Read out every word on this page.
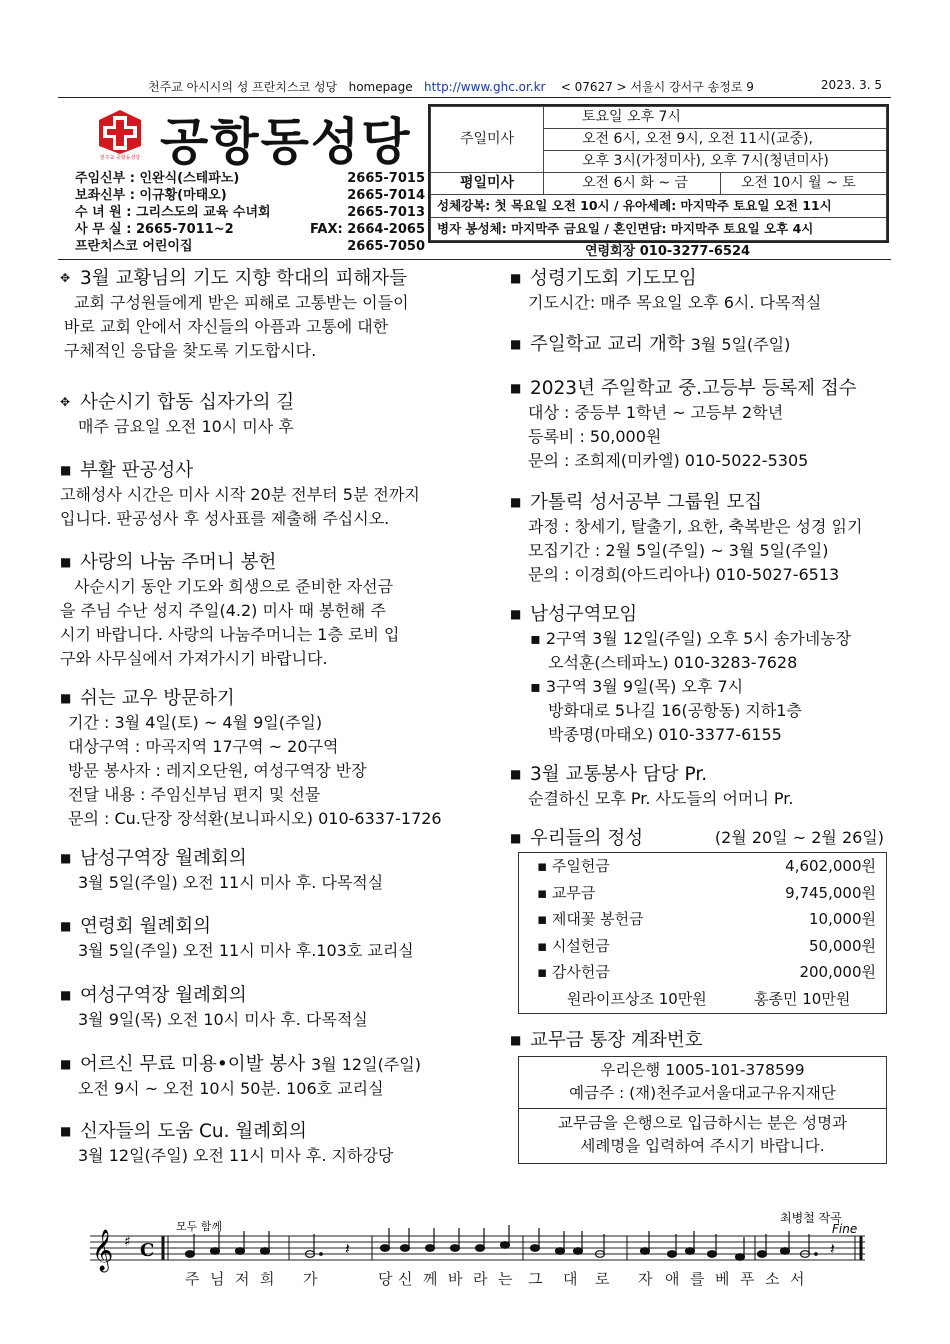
천주교 아시시의 성 프란치스코 성당 homepage http://www.ghc.or.kr < 07627 > 서울시 강서구 송정로 9	2023. 3. 5
천주교 공항동성당 공항동성당
주임신부 : 인완식(스테파노)	2665-7015
보좌신부 : 이규황(마태오)	2665-7014
수 녀 원 : 그리스도의 교육 수녀회	2665-7013
사 무 실 : 2665-7011~2	FAX: 2664-2065
프란치스코 어린이집	2665-7050
주일미사	토요일 오후 7시	
	오전 6시, 오전 9시, 오전 11시(교중),	
	오후 3시(가정미사), 오후 7시(청년미사)	
평일미사	오전 6시 화 ~ 금	오전 10시 월 ~ 토
성체강복: 첫 목요일 오전 10시 / 유아세례: 마지막주 토요일 오전 11시		
병자 봉성체: 마지막주 금요일 / 혼인면담: 마지막주 토요일 오후 4시		
연령회장 010-3277-6524
✥ 3월 교황님의 기도 지향 학대의 피해자들
교회 구성원들에게 받은 피해로 고통받는 이들이
바로 교회 안에서 자신들의 아픔과 고통에 대한
구체적인 응답을 찾도록 기도합시다.
✥ 사순시기 합동 십자가의 길
매주 금요일 오전 10시 미사 후
■ 부활 판공성사
고해성사 시간은 미사 시작 20분 전부터 5분 전까지
입니다. 판공성사 후 성사표를 제출해 주십시오.
■ 사랑의 나눔 주머니 봉헌
사순시기 동안 기도와 희생으로 준비한 자선금
을 주님 수난 성지 주일(4.2) 미사 때 봉헌해 주
시기 바랍니다. 사랑의 나눔주머니는 1층 로비 입
구와 사무실에서 가져가시기 바랍니다.
■ 쉬는 교우 방문하기
기간 : 3월 4일(토) ~ 4월 9일(주일)
대상구역 : 마곡지역 17구역 ~ 20구역
방문 봉사자 : 레지오단원, 여성구역장 반장
전달 내용 : 주임신부님 편지 및 선물
문의 : Cu.단장 장석환(보니파시오) 010-6337-1726
■ 남성구역장 월례회의
3월 5일(주일) 오전 11시 미사 후. 다목적실
■ 연령회 월례회의
3월 5일(주일) 오전 11시 미사 후.103호 교리실
■ 여성구역장 월례회의
3월 9일(목) 오전 10시 미사 후. 다목적실
■ 어르신 무료 미용•이발 봉사 3월 12일(주일)
오전 9시 ~ 오전 10시 50분. 106호 교리실
■ 신자들의 도움 Cu. 월례회의
3월 12일(주일) 오전 11시 미사 후. 지하강당
■ 성령기도회 기도모임
기도시간: 매주 목요일 오후 6시. 다목적실
■ 주일학교 교리 개학 3월 5일(주일)
■ 2023년 주일학교 중.고등부 등록제 접수
대상 : 중등부 1학년 ~ 고등부 2학년
등록비 : 50,000원
문의 : 조희제(미카엘) 010-5022-5305
■ 가톨릭 성서공부 그룹원 모집
과정 : 창세기, 탈출기, 요한, 축복받은 성경 읽기
모집기간 : 2월 5일(주일) ~ 3월 5일(주일)
문의 : 이경희(아드리아나) 010-5027-6513
■ 남성구역모임
▪ 2구역 3월 12일(주일) 오후 5시 송가네농장
오석훈(스테파노) 010-3283-7628
▪ 3구역 3월 9일(목) 오후 7시
방화대로 5나길 16(공항동) 지하1층
박종명(마태오) 010-3377-6155
■ 3월 교통봉사 담당 Pr.
순결하신 모후 Pr. 사도들의 어머니 Pr.
■ 우리들의 정성	(2월 20일 ~ 2월 26일)
▪ 주일헌금	4,602,000원
▪ 교무금	9,745,000원
▪ 제대꽃 봉헌금	10,000원
▪ 시설헌금	50,000원
▪ 감사헌금	200,000원
원라이프상조 10만원	홍종민 10만원
■ 교무금 통장 계좌번호
우리은행 1005-101-378599
예금주 : (재)천주교서울대교구유지재단
교무금을 은행으로 입금하시는 분은 성명과
세례명을 입력하여 주시기 바랍니다.
최병철 작곡
Fine
모두 함께
𝄞 ♯ C	𝄽	𝄽
주 님 저 희 가	당 신 께 바 라 는 그 대 로 자 애 를 베 푸 소 서
